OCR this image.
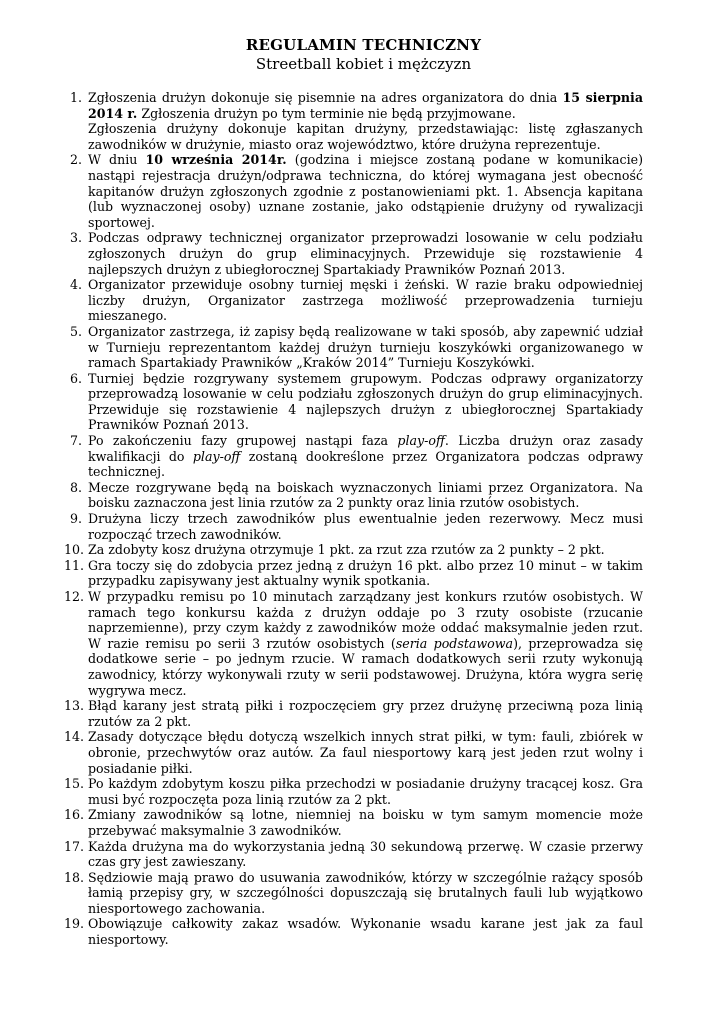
REGULAMIN TECHNICZNY
Streetball kobiet i mężczyzn
1. Zgłoszenia drużyn dokonuje się pisemnie na adres organizatora do dnia 15 sierpnia 2014 r. Zgłoszenia drużyn po tym terminie nie będą przyjmowane.
Zgłoszenia drużyny dokonuje kapitan drużyny, przedstawiając: listę zgłaszanych zawodników w drużynie, miasto oraz województwo, które drużyna reprezentuje.
2. W dniu 10 września 2014r. (godzina i miejsce zostaną podane w komunikacie) nastąpi rejestracja drużyn/odprawa techniczna, do której wymagana jest obecność kapitanów drużyn zgłoszonych zgodnie z postanowieniami pkt. 1. Absencja kapitana (lub wyznaczonej osoby) uznane zostanie, jako odstąpienie drużyny od rywalizacji sportowej.
3. Podczas odprawy technicznej organizator przeprowadzi losowanie w celu podziału zgłoszonych drużyn do grup eliminacyjnych. Przewiduje się rozstawienie 4 najlepszych drużyn z ubiegłorocznej Spartakiady Prawników Poznań 2013.
4. Organizator przewiduje osobny turniej męski i żeński. W razie braku odpowiedniej liczby drużyn, Organizator zastrzega możliwość przeprowadzenia turnieju mieszanego.
5. Organizator zastrzega, iż zapisy będą realizowane w taki sposób, aby zapewnić udział w Turnieju reprezentantom każdej drużyn turnieju koszykówki organizowanego w ramach Spartakiady Prawników „Kraków 2014” Turnieju Koszykówki.
6. Turniej będzie rozgrywany systemem grupowym. Podczas odprawy organizatorzy przeprowadzą losowanie w celu podziału zgłoszonych drużyn do grup eliminacyjnych. Przewiduje się rozstawienie 4 najlepszych drużyn z ubiegłorocznej Spartakiady Prawników Poznań 2013.
7. Po zakończeniu fazy grupowej nastąpi faza play-off. Liczba drużyn oraz zasady kwalifikacji do play-off zostaną dookreślone przez Organizatora podczas odprawy technicznej.
8. Mecze rozgrywane będą na boiskach wyznaczonych liniami przez Organizatora. Na boisku zaznaczona jest linia rzutów za 2 punkty oraz linia rzutów osobistych.
9. Drużyna liczy trzech zawodników plus ewentualnie jeden rezerwowy. Mecz musi rozpocząć trzech zawodników.
10. Za zdobyty kosz drużyna otrzymuje 1 pkt. za rzut zza rzutów za 2 punkty – 2 pkt.
11. Gra toczy się do zdobycia przez jedną z drużyn 16 pkt. albo przez 10 minut – w takim przypadku zapisywany jest aktualny wynik spotkania.
12. W przypadku remisu po 10 minutach zarządzany jest konkurs rzutów osobistych. W ramach tego konkursu każda z drużyn oddaje po 3 rzuty osobiste (rzucanie naprzemienne), przy czym każdy z zawodników może oddać maksymalnie jeden rzut. W razie remisu po serii 3 rzutów osobistych (seria podstawowa), przeprowadza się dodatkowe serie – po jednym rzucie. W ramach dodatkowych serii rzuty wykonują zawodnicy, którzy wykonywali rzuty w serii podstawowej. Drużyna, która wygra serię wygrywa mecz.
13. Błąd karany jest stratą piłki i rozpoczęciem gry przez drużynę przeciwną poza linią rzutów za 2 pkt.
14. Zasady dotyczące błędu dotyczą wszelkich innych strat piłki, w tym: fauli, zbiórek w obronie, przechwytów oraz autów. Za faul niesportowy karą jest jeden rzut wolny i posiadanie piłki.
15. Po każdym zdobytym koszu piłka przechodzi w posiadanie drużyny tracącej kosz. Gra musi być rozpoczęta poza linią rzutów za 2 pkt.
16. Zmiany zawodników są lotne, niemniej na boisku w tym samym momencie może przebywać maksymalnie 3 zawodników.
17. Każda drużyna ma do wykorzystania jedną 30 sekundową przerwę. W czasie przerwy czas gry jest zawieszany.
18. Sędziowie mają prawo do usuwania zawodników, którzy w szczególnie rażący sposób łamią przepisy gry, w szczególności dopuszczają się brutalnych fauli lub wyjątkowo niesportowego zachowania.
19. Obowiązuje całkowity zakaz wsadów. Wykonanie wsadu karane jest jak za faul niesportowy.
